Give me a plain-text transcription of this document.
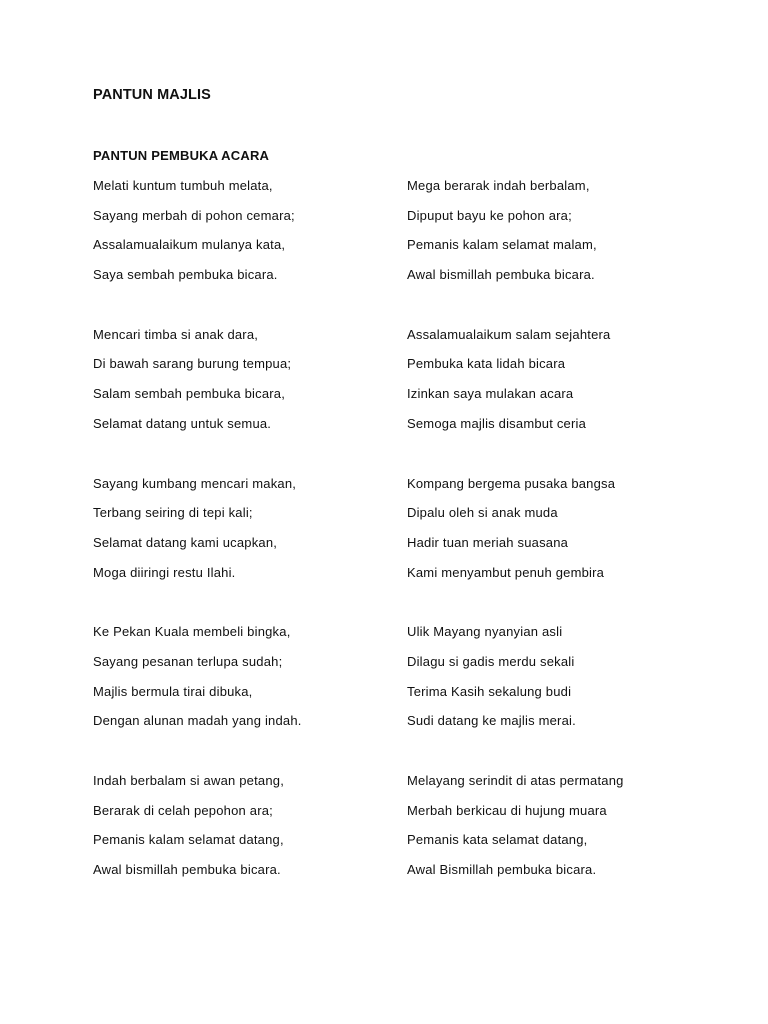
PANTUN MAJLIS
PANTUN PEMBUKA ACARA
Melati kuntum tumbuh melata,
Sayang merbah di pohon cemara;
Assalamualaikum mulanya kata,
Saya sembah pembuka bicara.
Mencari timba si anak dara,
Di bawah sarang burung tempua;
Salam sembah pembuka bicara,
Selamat datang untuk semua.
Sayang kumbang mencari makan,
Terbang seiring di tepi kali;
Selamat datang kami ucapkan,
Moga diiringi restu Ilahi.
Ke Pekan Kuala membeli bingka,
Sayang pesanan terlupa sudah;
Majlis bermula tirai dibuka,
Dengan alunan madah yang indah.
Indah berbalam si awan petang,
Berarak di celah pepohon ara;
Pemanis kalam selamat datang,
Awal bismillah pembuka bicara.
Mega berarak indah berbalam,
Dipuput bayu ke pohon ara;
Pemanis kalam selamat malam,
Awal bismillah pembuka bicara.
Assalamualaikum salam sejahtera
Pembuka kata lidah bicara
Izinkan saya mulakan acara
Semoga majlis disambut ceria
Kompang bergema pusaka bangsa
Dipalu oleh si anak muda
Hadir tuan meriah suasana
Kami menyambut penuh gembira
Ulik Mayang nyanyian asli
Dilagu si gadis merdu sekali
Terima Kasih sekalung budi
Sudi datang ke majlis merai.
Melayang serindit di atas permatang
Merbah berkicau di hujung muara
Pemanis kata selamat datang,
Awal Bismillah pembuka bicara.
